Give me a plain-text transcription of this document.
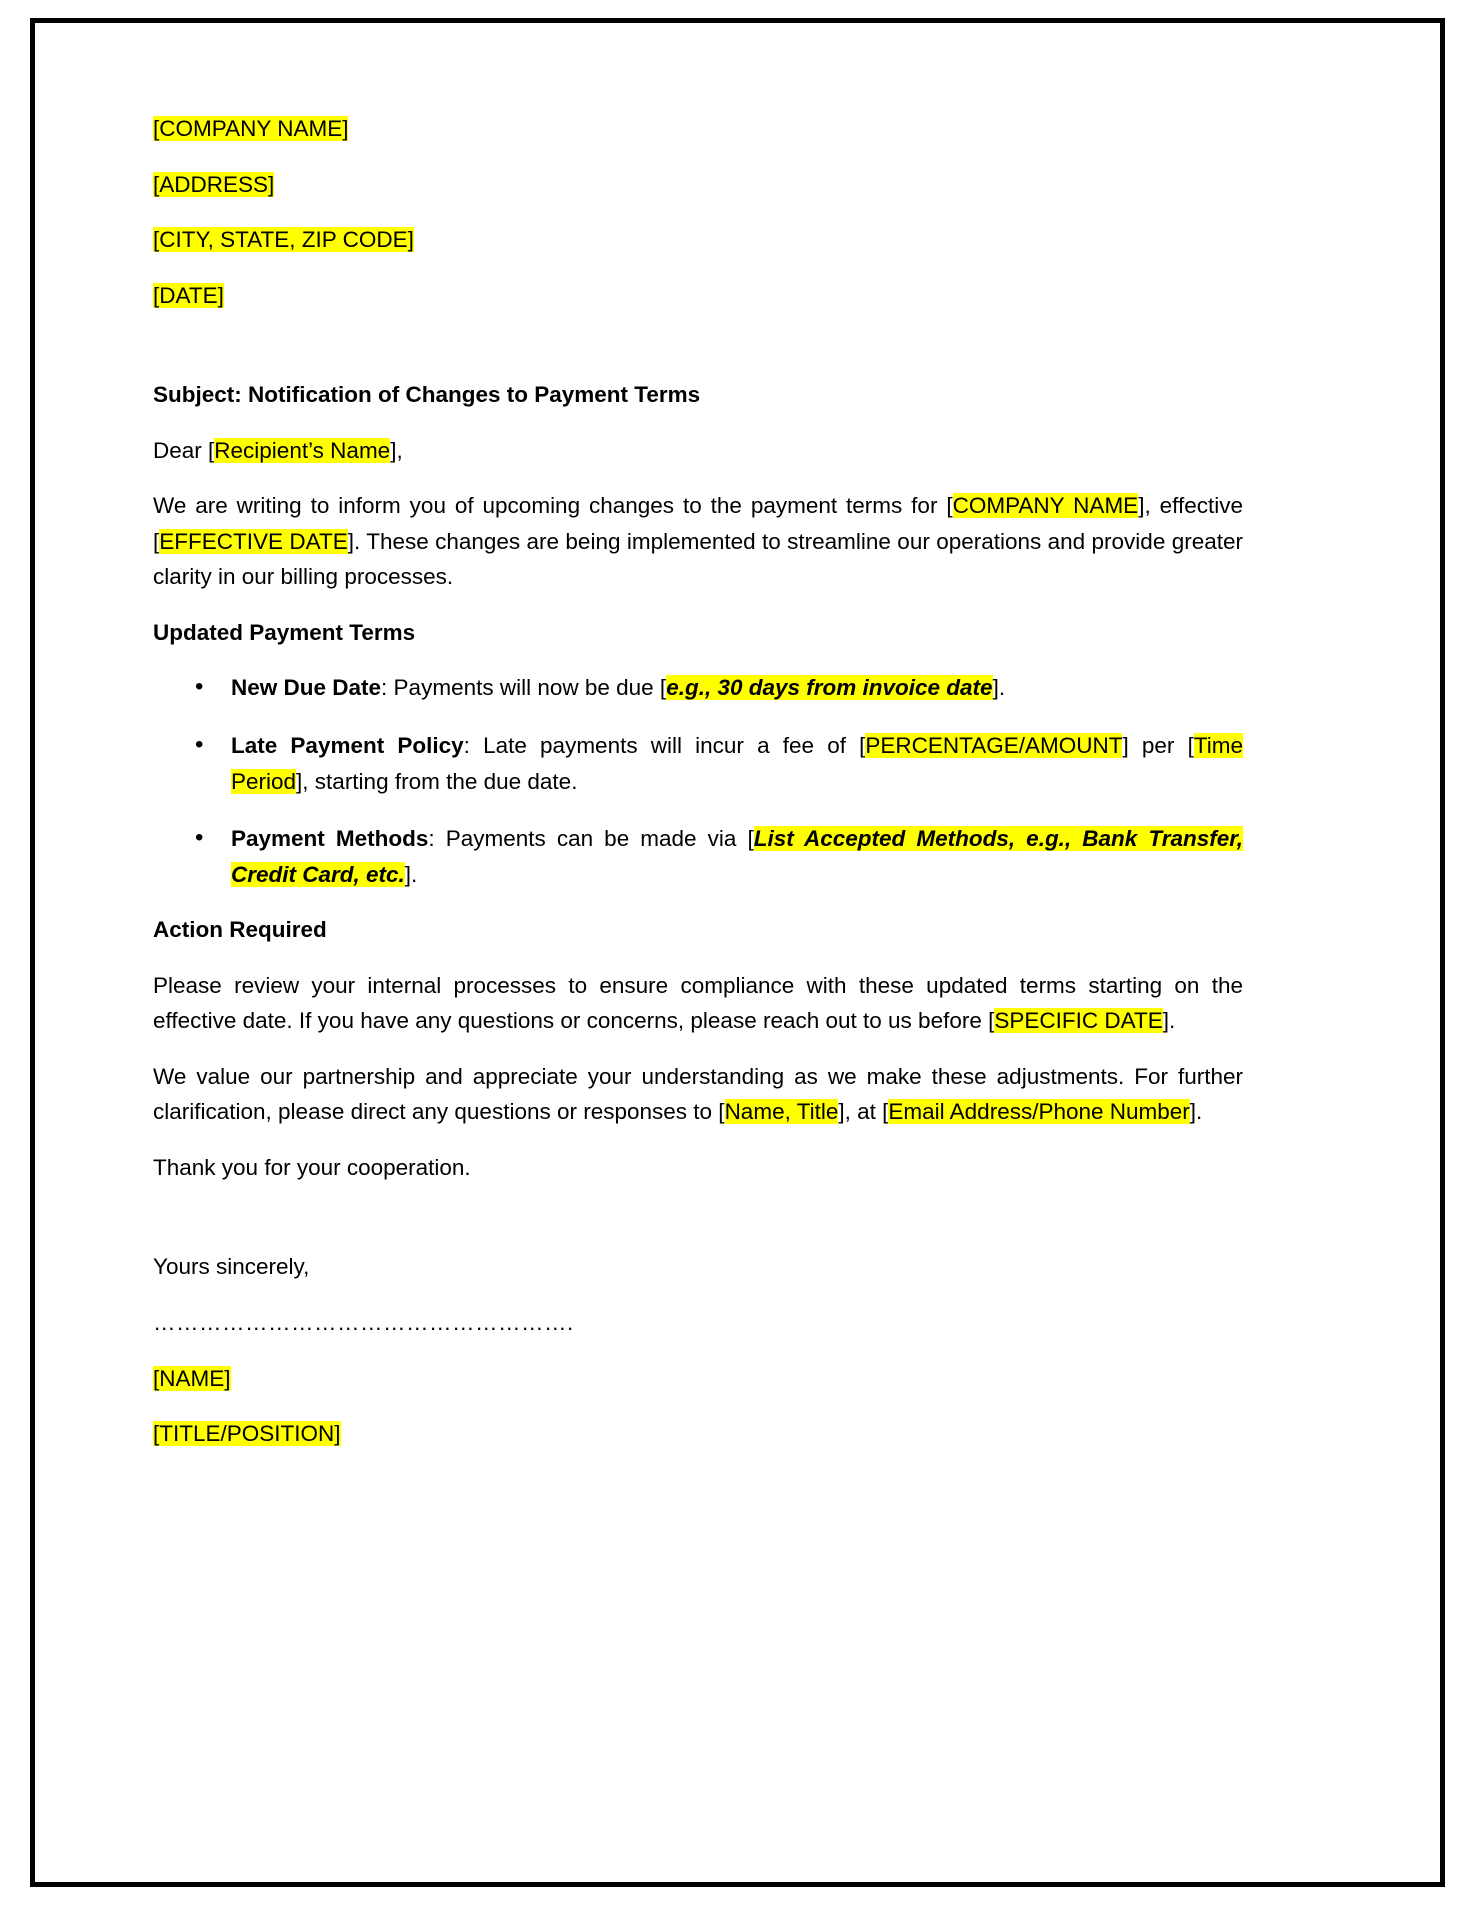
[COMPANY NAME]

[ADDRESS]

[CITY, STATE, ZIP CODE]

[DATE]

Subject: Notification of Changes to Payment Terms

Dear [Recipient’s Name],

We are writing to inform you of upcoming changes to the payment terms for [COMPANY NAME], effective [EFFECTIVE DATE]. These changes are being implemented to streamline our operations and provide greater clarity in our billing processes.

Updated Payment Terms
• New Due Date: Payments will now be due [e.g., 30 days from invoice date].
• Late Payment Policy: Late payments will incur a fee of [PERCENTAGE/AMOUNT] per [Time Period], starting from the due date.
• Payment Methods: Payments can be made via [List Accepted Methods, e.g., Bank Transfer, Credit Card, etc.].
Action Required

Please review your internal processes to ensure compliance with these updated terms starting on the effective date. If you have any questions or concerns, please reach out to us before [SPECIFIC DATE].

We value our partnership and appreciate your understanding as we make these adjustments. For further clarification, please direct any questions or responses to [Name, Title], at [Email Address/Phone Number].

Thank you for your cooperation.

Yours sincerely,

……………………………………………….

[NAME]

[TITLE/POSITION]
